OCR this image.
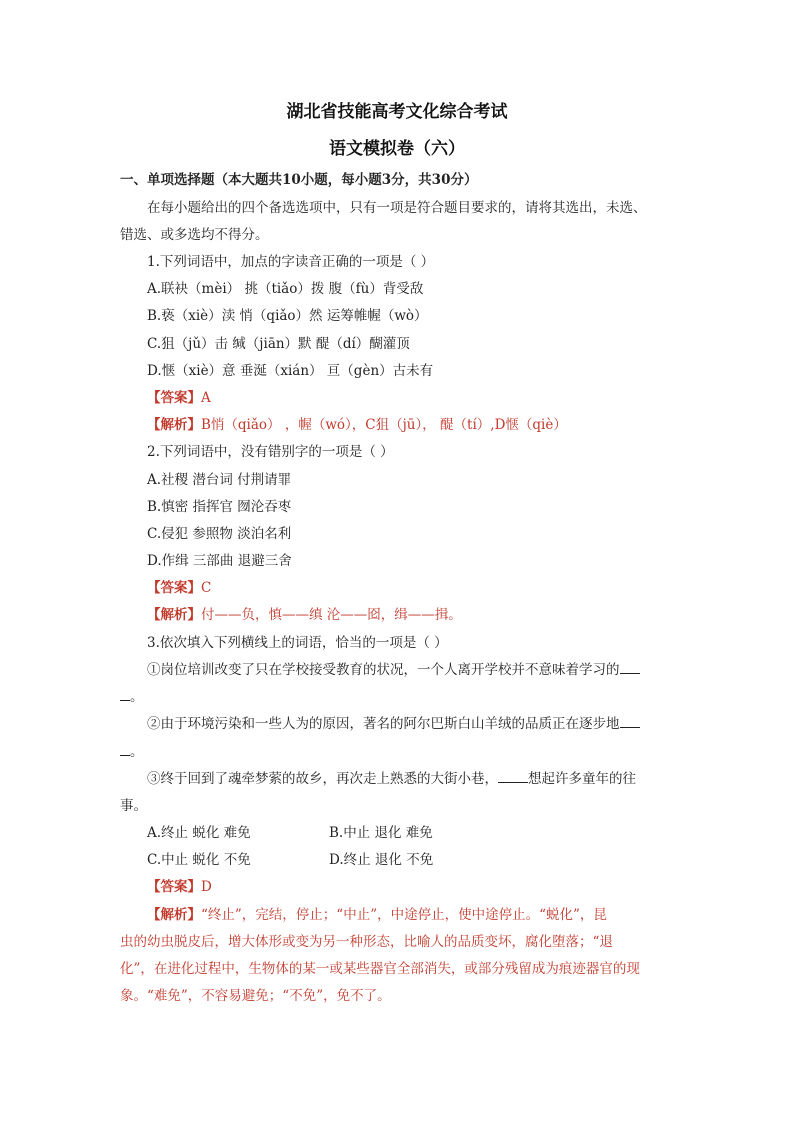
湖北省技能高考文化综合考试
语文模拟卷（六）
一、单项选择题（本大题共10小题，每小题3分，共30分）
在每小题给出的四个备选选项中，只有一项是符合题目要求的，请将其选出，未选、
错选、或多选均不得分。
1.下列词语中，加点的字读音正确的一项是（ ）
A.联袂（mèi） 挑（tiǎo）拨 腹（fù）背受敌
B.亵（xiè）渎 悄（qiǎo）然 运筹帷幄（wò）
C.狙（jǔ）击 缄（jiān）默 醍（dí）醐灌顶
D.惬（xiè）意 垂涎（xián） 亘（gèn）古未有
【答案】A
【解析】B悄（qiǎo） ，幄（wó），C狙（jū）， 醍（tí）,D惬（qiè）
2.下列词语中，没有错别字的一项是（ ）
A.社稷 潜台词 付荆请罪
B.慎密 指挥官 囫沦吞枣
C.侵犯 参照物 淡泊名利
D.作缉 三部曲 退避三舍
【答案】C
【解析】付——负，慎——缜 沦——囵，缉——揖。
3.依次填入下列横线上的词语，恰当的一项是（ ）
①岗位培训改变了只在学校接受教育的状况，一个人离开学校并不意味着学习的
。
②由于环境污染和一些人为的原因，著名的阿尔巴斯白山羊绒的品质正在逐步地
。
③终于回到了魂牵梦萦的故乡，再次走上熟悉的大街小巷， 想起许多童年的往
事。
A.终止 蜕化 难免	B.中止 退化 难免
C.中止 蜕化 不免	D.终止 退化 不免
【答案】D
【解析】“终止”，完结，停止；“中止”，中途停止，使中途停止。“蜕化”，昆
虫的幼虫脱皮后，增大体形或变为另一种形态，比喻人的品质变坏，腐化堕落；“退
化”，在进化过程中，生物体的某一或某些器官全部消失，或部分残留成为痕迹器官的现
象。“难免”，不容易避免；“不免”，免不了。
